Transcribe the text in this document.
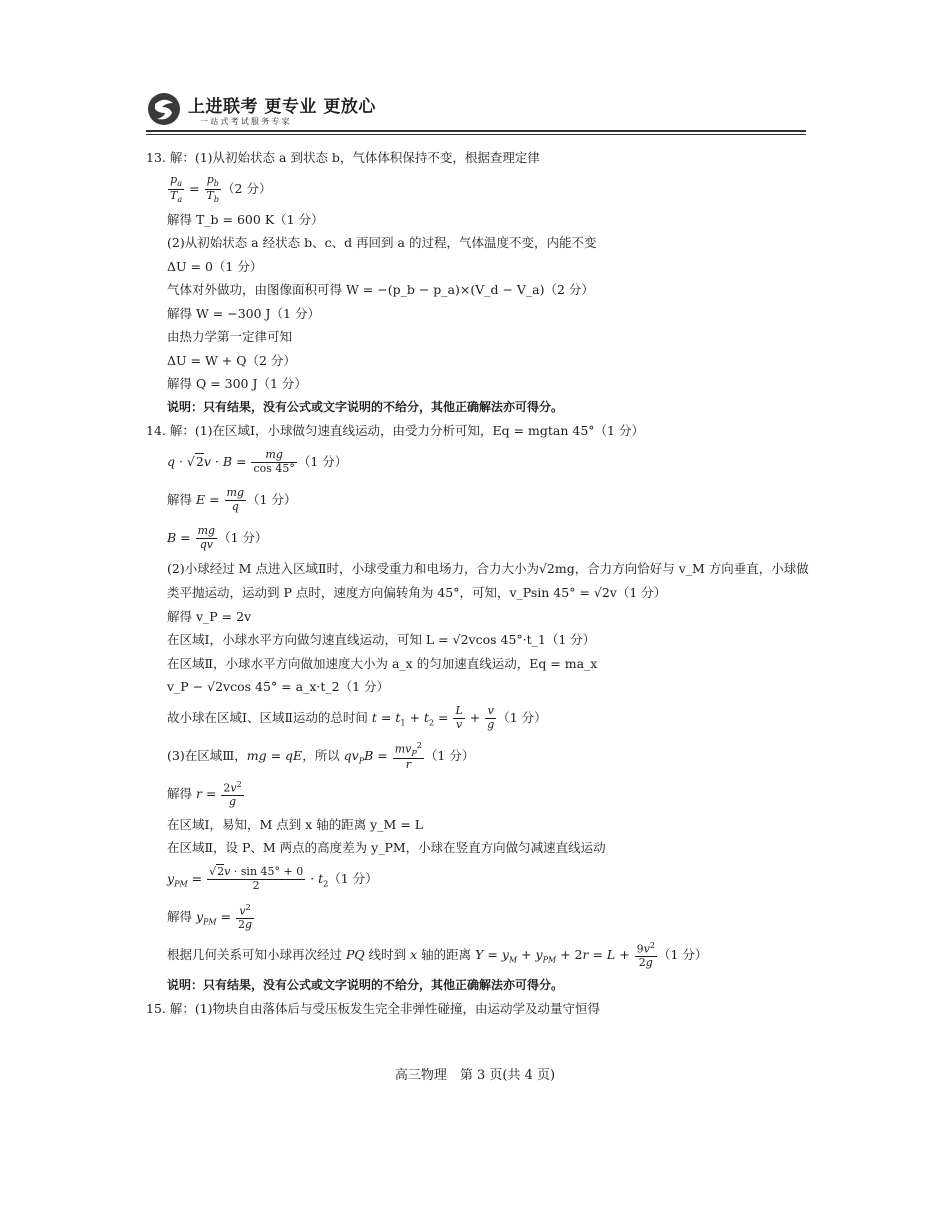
上进联考 更专业 更放心
一站式考试服务专家
13. 解：(1)从初始状态 a 到状态 b，气体体积保持不变，根据查理定律
$\frac{p_a}{T_a} = \frac{p_b}{T_b} (2$ 分）
解得 T_b = 600 K（1 分）
(2)从初始状态 a 经状态 b、c、d 再回到 a 的过程，气体温度不变，内能不变
ΔU = 0（1 分）
气体对外做功，由图像面积可得 W = −(p_b − p_a)×(V_d − V_a)（2 分）
解得 W = −300 J（1 分）
由热力学第一定律可知
ΔU = W + Q（2 分）
解得 Q = 300 J（1 分）
说明：只有结果，没有公式或文字说明的不给分，其他正确解法亦可得分。
14. 解：(1)在区域Ⅰ，小球做匀速直线运动，由受力分析可知，Eq = mgtan 45°（1 分）
$q \cdot √2v \cdot B = \frac{mg}{\cos 45^\circ} (1$ 分）
解得 $E = \frac{mg}{q} (1$ 分）
$B = \frac{mg}{qv} (1$ 分）
(2)小球经过 M 点进入区域Ⅱ时，小球受重力和电场力，合力大小为√2mg，合力方向恰好与 v_M 方向垂直，小球做类平抛运动，运动到 P 点时，速度方向偏转角为 45°，可知，v_Psin 45° = √2v（1 分）
解得 v_P = 2v
在区域Ⅰ，小球水平方向做匀速直线运动，可知 L = √2vcos 45°·t_1（1 分）
在区域Ⅱ，小球水平方向做加速度大小为 a_x 的匀加速直线运动，Eq = ma_x
v_P − √2vcos 45° = a_x·t_2（1 分）
故小球在区域Ⅰ、区域Ⅱ运动的总时间 $t = t_1 + t_2 = \frac{L}{v} + \frac{v}{g} (1$ 分）
(3)在区域Ⅲ，mg = qE，所以 $qv_PB = \frac{mv_P^2}{r} (1$ 分）
解得 $r = \frac{2v^2}{g}$
在区域Ⅰ，易知，M 点到 x 轴的距离 y_M = L
在区域Ⅱ，设 P、M 两点的高度差为 y_PM，小球在竖直方向做匀减速直线运动
$y_{PM} = \frac{√2v \cdot \sin 45^\circ + 0}{2} \cdot t_2(1$ 分）
解得 $y_{PM} = \frac{v^2}{2g}$
根据几何关系可知小球再次经过 PQ 线时到 x 轴的距离 $Y = y_M + y_{PM} + 2r = L + \frac{9v^2}{2g} (1$ 分）
说明：只有结果，没有公式或文字说明的不给分，其他正确解法亦可得分。
15. 解：(1)物块自由落体后与受压板发生完全非弹性碰撞，由运动学及动量守恒得
高三物理　第 3 页(共 4 页)
